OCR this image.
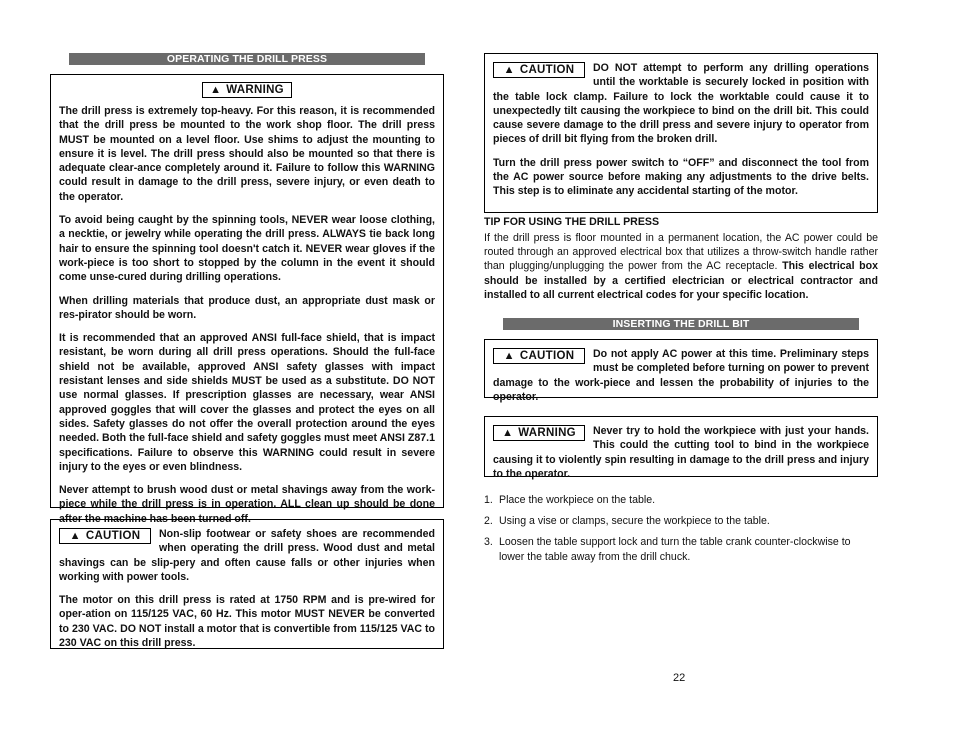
OPERATING THE DRILL PRESS
▲ WARNING

The drill press is extremely top-heavy. For this reason, it is recommended that the drill press be mounted to the work shop floor. The drill press MUST be mounted on a level floor. Use shims to adjust the mounting to ensure it is level. The drill press should also be mounted so that there is adequate clear-ance completely around it. Failure to follow this WARNING could result in damage to the drill press, severe injury, or even death to the operator.

To avoid being caught by the spinning tools, NEVER wear loose clothing, a necktie, or jewelry while operating the drill press. ALWAYS tie back long hair to ensure the spinning tool doesn't catch it. NEVER wear gloves if the work-piece is too short to stopped by the column in the event it should come unse-cured during drilling operations.

When drilling materials that produce dust, an appropriate dust mask or res-pirator should be worn.

It is recommended that an approved ANSI full-face shield, that is impact resistant, be worn during all drill press operations. Should the full-face shield not be available, approved ANSI safety glasses with impact resistant lenses and side shields MUST be used as a substitute. DO NOT use normal glasses. If prescription glasses are necessary, wear ANSI approved goggles that will cover the glasses and protect the eyes on all sides. Safety glasses do not offer the overall protection around the eyes needed. Both the full-face shield and safety goggles must meet ANSI Z87.1 specifications. Failure to observe this WARNING could result in severe injury to the eyes or even blindness.

Never attempt to brush wood dust or metal shavings away from the work-piece while the drill press is in operation. ALL clean up should be done after the machine has been turned off.

▲ CAUTION Non-slip footwear or safety shoes are recommended when operating the drill press. Wood dust and metal shavings can be slip-pery and often cause falls or other injuries when working with power tools.

The motor on this drill press is rated at 1750 RPM and is pre-wired for oper-ation on 115/125 VAC, 60 Hz. This motor MUST NEVER be converted to 230 VAC. DO NOT install a motor that is convertible from 115/125 VAC to 230 VAC on this drill press.

▲ CAUTION DO NOT attempt to perform any drilling operations until the worktable is securely locked in position with the table lock clamp. Failure to lock the worktable could cause it to unexpectedly tilt causing the workpiece to bind on the drill bit. This could cause severe damage to the drill press and severe injury to operator from pieces of drill bit flying from the broken drill.

Turn the drill press power switch to “OFF” and disconnect the tool from the AC power source before making any adjustments to the drive belts. This step is to eliminate any accidental starting of the motor.

TIP FOR USING THE DRILL PRESS

If the drill press is floor mounted in a permanent location, the AC power could be routed through an approved electrical box that utilizes a throw-switch handle rather than plugging/unplugging the power from the AC receptacle. This electrical box should be installed by a certified electrician or electrical contractor and installed to all current electrical codes for your specific location.

INSERTING THE DRILL BIT

▲ CAUTION Do not apply AC power at this time. Preliminary steps must be completed before turning on power to prevent damage to the work-piece and lessen the probability of injuries to the operator.

▲ WARNING Never try to hold the workpiece with just your hands. This could the cutting tool to bind in the workpiece causing it to violently spin resulting in damage to the drill press and injury to the operator.

1. Place the workpiece on the table.
2. Using a vise or clamps, secure the workpiece to the table.
3. Loosen the table support lock and turn the table crank counter-clockwise to lower the table away from the drill chuck.
22
